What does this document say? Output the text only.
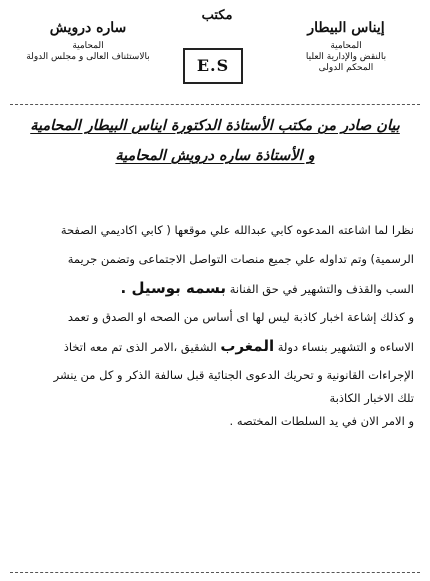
إيناس البيطار
المحامية
بالنقض والإدارية العليا
المحكم الدولى
مكتب
E.S
ساره درويش
المحامية
بالاستئناف العالى و مجلس الدولة
بيان صادر من مكتب الأستاذة الدكتورة ايناس البيطار المحامية
و الأستاذة ساره درويش المحامية
نظرا لما اشاعته المدعوه كابي عبدالله علي موقعها ( كابي اكاديمي الصفحة
الرسمية) وتم تداوله علي جميع منصات التواصل الاجتماعى وتضمن جريمة
السب والقذف والتشهير في حق الفنانة بسمه بوسيل .
و كذلك إشاعة اخبار كاذبة ليس لها اى أساس من الصحه او الصدق و تعمد
الاساءه و التشهير بنساء دولة المغرب الشقيق ،الامر الذى تم معه اتخاذ
الإجراءات القانونية و تحريك الدعوى الجنائية قبل سالفة الذكر و كل من ينشر
تلك الاخبار الكاذبة
و الامر الان في يد السلطات المختصه .
